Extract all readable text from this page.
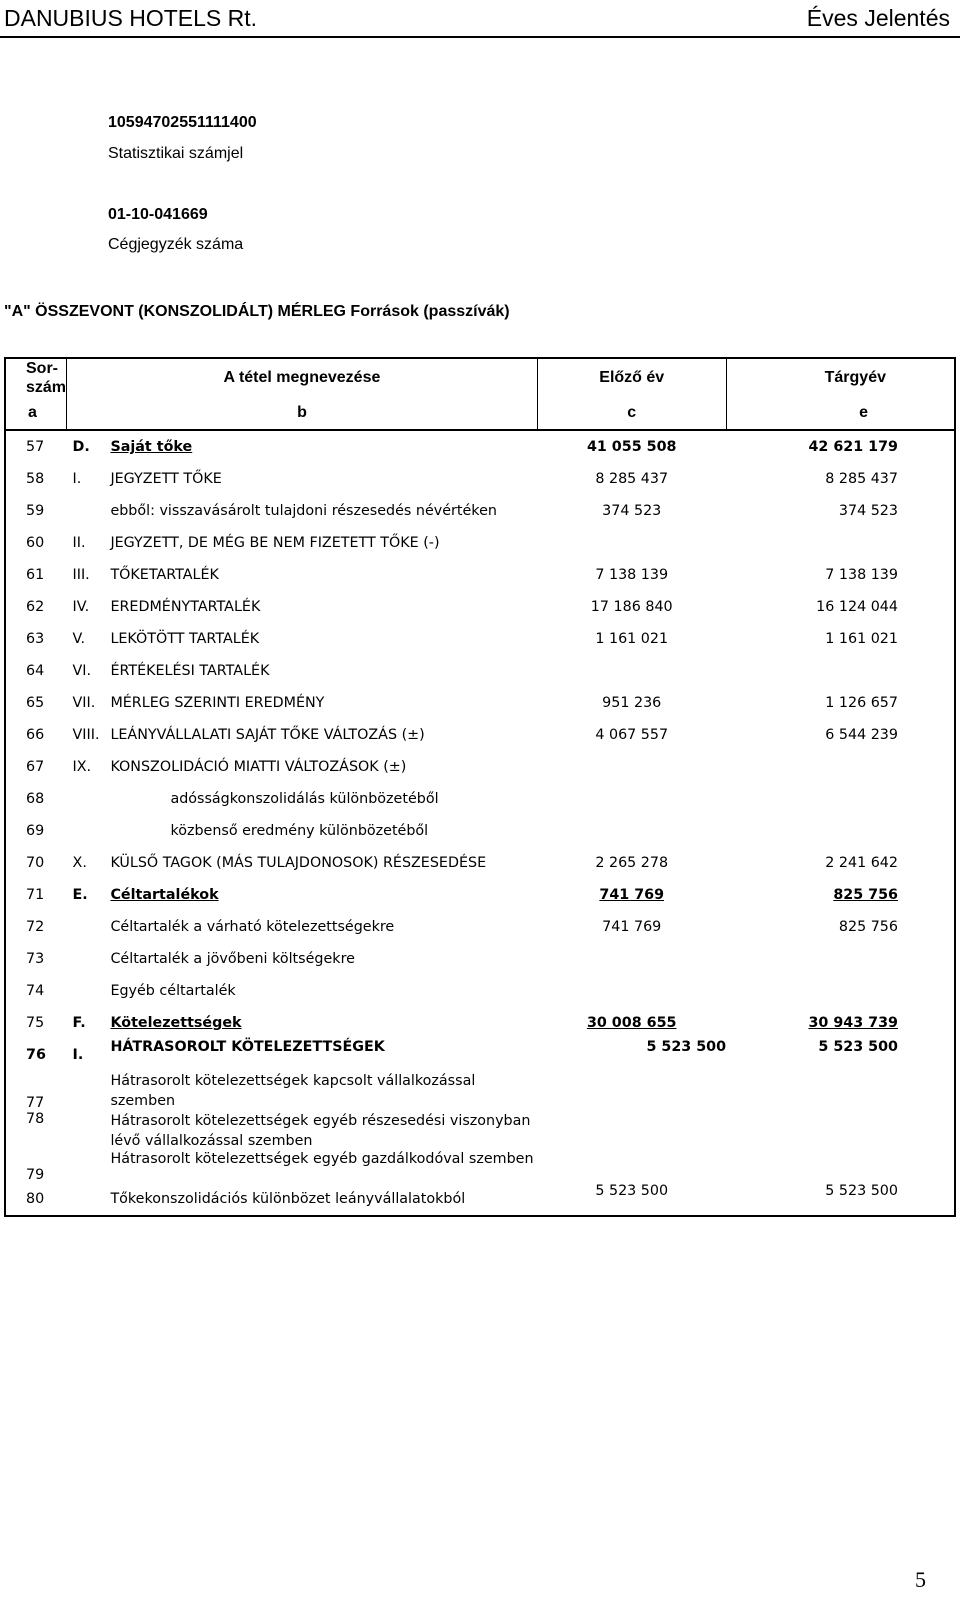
DANUBIUS HOTELS Rt.	Éves Jelentés
10594702551111400
Statisztikai számjel
01-10-041669
Cégjegyzék száma
"A" ÖSSZEVONT (KONSZOLIDÁLT) MÉRLEG Források (passzívák)
Sor-
szám	A tétel megnevezése		Előző év	Tárgyév
a	b		c	e
57	D.	Saját tőke	41 055 508	42 621 179
58	I.	JEGYZETT TŐKE	8 285 437	8 285 437
59		ebből: visszavásárolt tulajdoni részesedés névértéken	374 523	374 523
60	II.	JEGYZETT, DE MÉG BE NEM FIZETETT TŐKE (-)		
61	III.	TŐKETARTALÉK	7 138 139	7 138 139
62	IV.	EREDMÉNYTARTALÉK	17 186 840	16 124 044
63	V.	LEKÖTÖTT TARTALÉK	1 161 021	1 161 021
64	VI.	ÉRTÉKELÉSI TARTALÉK		
65	VII.	MÉRLEG SZERINTI EREDMÉNY	951 236	1 126 657
66	VIII.	LEÁNYVÁLLALATI SAJÁT TŐKE VÁLTOZÁS (±)	4 067 557	6 544 239
67	IX.	KONSZOLIDÁCIÓ MIATTI VÁLTOZÁSOK (±)		
68		adósságkonszolidálás különbözetéből		
69		közbenső eredmény különbözetéből		
70	X.	KÜLSŐ TAGOK (MÁS TULAJDONOSOK) RÉSZESEDÉSE	2 265 278	2 241 642
71	E.	Céltartalékok	741 769	825 756
72		Céltartalék a várható kötelezettségekre	741 769	825 756
73		Céltartalék a jövőbeni költségekre		
74		Egyéb céltartalék		
75	F.	Kötelezettségek	30 008 655	30 943 739
76	I.	HÁTRASOROLT KÖTELEZETTSÉGEK	5 523 500	5 523 500
77		Hátrasorolt kötelezettségek kapcsolt vállalkozással szemben		
78		Hátrasorolt kötelezettségek egyéb részesedési viszonyban lévő vállalkozással szemben		
79		Hátrasorolt kötelezettségek egyéb gazdálkodóval szemben		
80		Tőkekonszolidációs különbözet leányvállalatokból	5 523 500	5 523 500
5
